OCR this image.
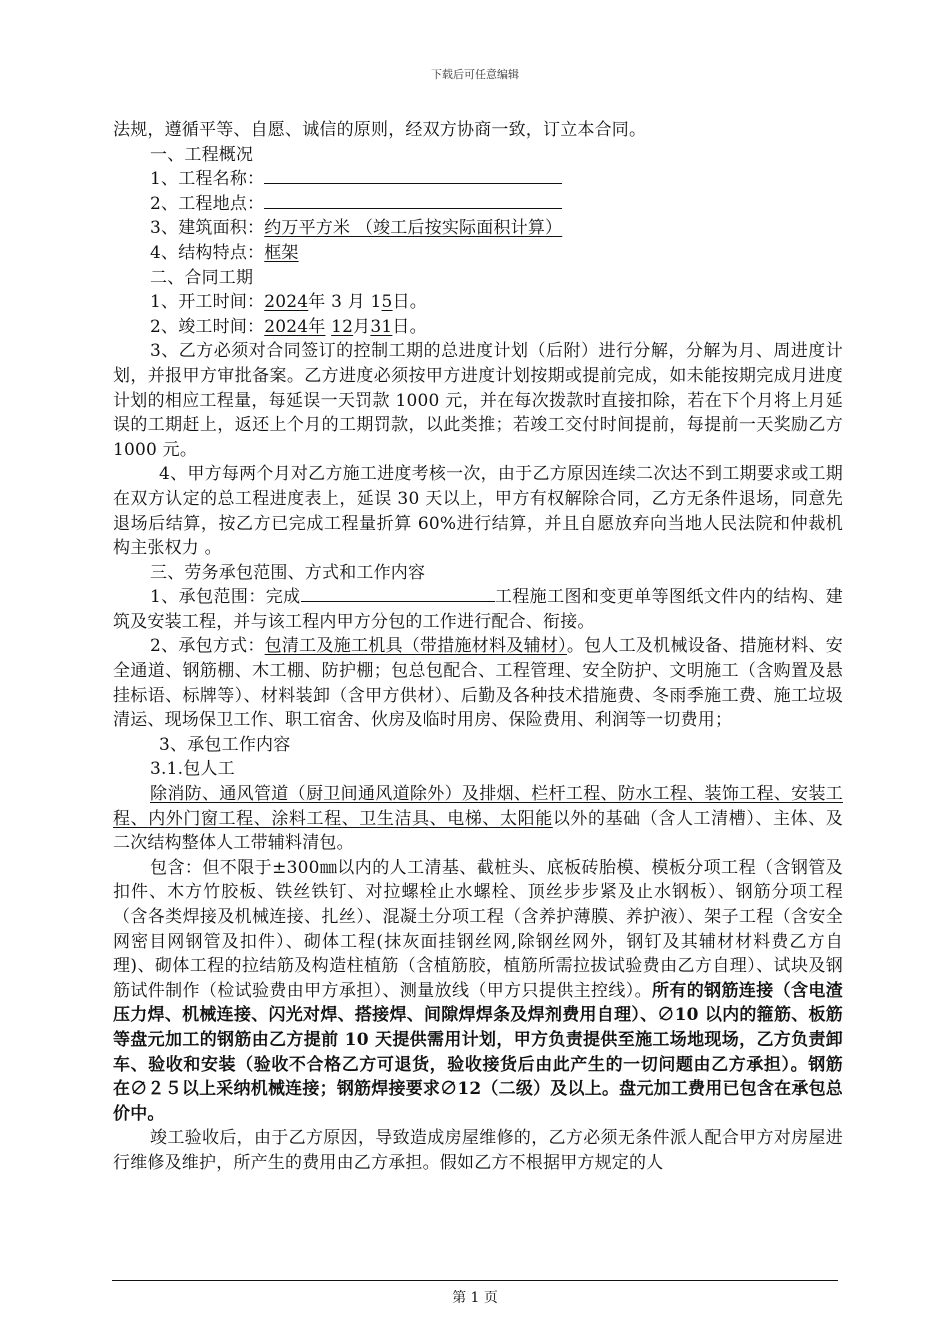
下载后可任意编辑

法规，遵循平等、自愿、诚信的原则，经双方协商一致，订立本合同。

一、工程概况

1、工程名称：

2、工程地点：

3、建筑面积：约万平方米 （竣工后按实际面积计算）

4、结构特点：框架

二、合同工期

1、开工时间：2024年 3 月 15日。

2、竣工时间：2024年 12月31日。

3、乙方必须对合同签订的控制工期的总进度计划（后附）进行分解，分解为月、周进度计划，并报甲方审批备案。乙方进度必须按甲方进度计划按期或提前完成，如未能按期完成月进度计划的相应工程量，每延误一天罚款 1000 元，并在每次拨款时直接扣除，若在下个月将上月延误的工期赶上，返还上个月的工期罚款，以此类推；若竣工交付时间提前，每提前一天奖励乙方 1000 元。

4、甲方每两个月对乙方施工进度考核一次，由于乙方原因连续二次达不到工期要求或工期在双方认定的总工程进度表上，延误 30 天以上，甲方有权解除合同，乙方无条件退场，同意先退场后结算，按乙方已完成工程量折算 60%进行结算，并且自愿放弃向当地人民法院和仲裁机构主张权力 。

三、劳务承包范围、方式和工作内容

1、承包范围：完成	工程施工图和变更单等图纸文件内的结构、建筑及安装工程，并与该工程内甲方分包的工作进行配合、衔接。

2、承包方式：包清工及施工机具（带措施材料及辅材）。包人工及机械设备、措施材料、安全通道、钢筋棚、木工棚、防护棚；包总包配合、工程管理、安全防护、文明施工（含购置及悬挂标语、标牌等）、材料装卸（含甲方供材）、后勤及各种技术措施费、冬雨季施工费、施工垃圾清运、现场保卫工作、职工宿舍、伙房及临时用房、保险费用、利润等一切费用；

3、承包工作内容

3.1.包人工

除消防、通风管道（厨卫间通风道除外）及排烟、栏杆工程、防水工程、装饰工程、安装工程、内外门窗工程、涂料工程、卫生洁具、电梯、太阳能以外的基础（含人工清槽）、主体、及二次结构整体人工带辅料清包。

包含：但不限于±300㎜以内的人工清基、截桩头、底板砖胎模、模板分项工程（含钢管及扣件、木方竹胶板、铁丝铁钉、对拉螺栓止水螺栓、顶丝步步紧及止水钢板）、钢筋分项工程（含各类焊接及机械连接、扎丝）、混凝土分项工程（含养护薄膜、养护液）、架子工程（含安全网密目网钢管及扣件）、砌体工程(抹灰面挂钢丝网,除钢丝网外，钢钉及其辅材材料费乙方自理)、砌体工程的拉结筋及构造柱植筋（含植筋胶，植筋所需拉拔试验费由乙方自理）、试块及钢筋试件制作（检试验费由甲方承担）、测量放线（甲方只提供主控线）。所有的钢筋连接（含电渣压力焊、机械连接、闪光对焊、搭接焊、间隙焊焊条及焊剂费用自理）、∅10 以内的箍筋、板筋等盘元加工的钢筋由乙方提前 10 天提供需用计划，甲方负责提供至施工场地现场，乙方负责卸车、验收和安装（验收不合格乙方可退货，验收接货后由此产生的一切问题由乙方承担）。钢筋在∅２５以上采纳机械连接；钢筋焊接要求∅12（二级）及以上。盘元加工费用已包含在承包总价中。

竣工验收后，由于乙方原因，导致造成房屋维修的，乙方必须无条件派人配合甲方对房屋进行维修及维护，所产生的费用由乙方承担。假如乙方不根据甲方规定的人

第 1 页
